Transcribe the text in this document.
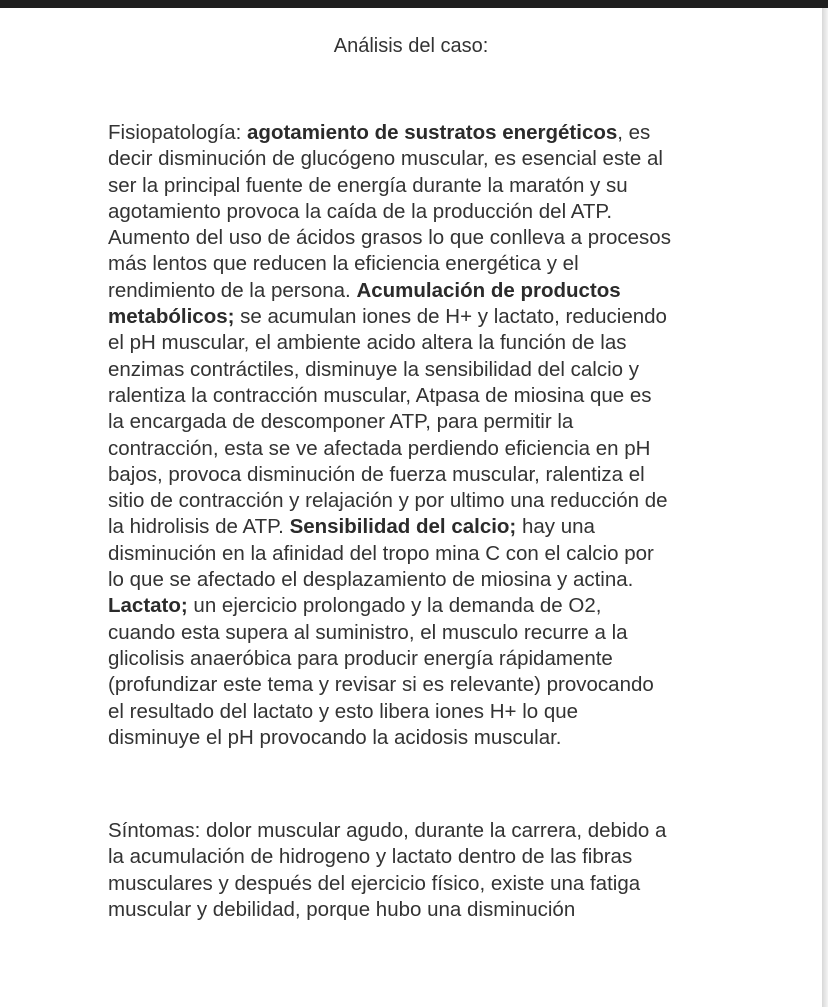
Análisis del caso:
Fisiopatología: agotamiento de sustratos energéticos, es
decir disminución de glucógeno muscular, es esencial este al
ser la principal fuente de energía durante la maratón y su
agotamiento provoca la caída de la producción del ATP.
Aumento del uso de ácidos grasos lo que conlleva a procesos
más lentos que reducen la eficiencia energética y el
rendimiento de la persona. Acumulación de productos
metabólicos; se acumulan iones de H+ y lactato, reduciendo
el pH muscular, el ambiente acido altera la función de las
enzimas contráctiles, disminuye la sensibilidad del calcio y
ralentiza la contracción muscular, Atpasa de miosina que es
la encargada de descomponer ATP, para permitir la
contracción, esta se ve afectada perdiendo eficiencia en pH
bajos, provoca disminución de fuerza muscular, ralentiza el
sitio de contracción y relajación y por ultimo una reducción de
la hidrolisis de ATP. Sensibilidad del calcio; hay una
disminución en la afinidad del tropo mina C con el calcio por
lo que se afectado el desplazamiento de miosina y actina.
Lactato; un ejercicio prolongado y la demanda de O2,
cuando esta supera al suministro, el musculo recurre a la
glicolisis anaeróbica para producir energía rápidamente
(profundizar este tema y revisar si es relevante) provocando
el resultado del lactato y esto libera iones H+ lo que
disminuye el pH provocando la acidosis muscular.
Síntomas: dolor muscular agudo, durante la carrera, debido a
la acumulación de hidrogeno y lactato dentro de las fibras
musculares y después del ejercicio físico, existe una fatiga
muscular y debilidad, porque hubo una disminución
